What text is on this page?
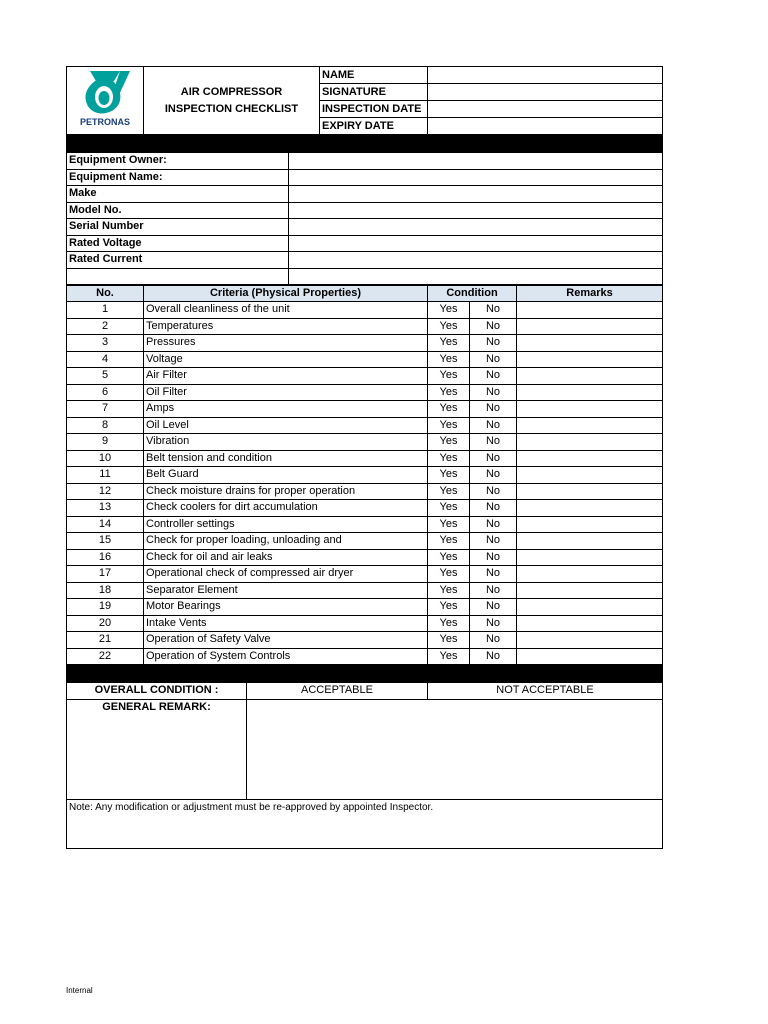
PETRONAS	AIR COMPRESSOR
INSPECTION CHECKLIST	NAME	
		SIGNATURE	
		INSPECTION DATE	
		EXPIRY DATE	

Equipment Owner:	
Equipment Name:	
Make	
Model No.	
Serial Number	
Rated Voltage	
Rated Current	

No.	Criteria (Physical Properties)	Condition		Remarks
1	Overall cleanliness of the unit	Yes	No	
2	Temperatures	Yes	No	
3	Pressures	Yes	No	
4	Voltage	Yes	No	
5	Air Filter	Yes	No	
6	Oil Filter	Yes	No	
7	Amps	Yes	No	
8	Oil Level	Yes	No	
9	Vibration	Yes	No	
10	Belt tension and condition	Yes	No	
11	Belt Guard	Yes	No	
12	Check moisture drains for proper operation	Yes	No	
13	Check coolers for dirt accumulation	Yes	No	
14	Controller settings	Yes	No	
15	Check for proper loading, unloading and	Yes	No	
16	Check for oil and air leaks	Yes	No	
17	Operational check of compressed air dryer	Yes	No	
18	Separator Element	Yes	No	
19	Motor Bearings	Yes	No	
20	Intake Vents	Yes	No	
21	Operation of Safety Valve	Yes	No	
22	Operation of System Controls	Yes	No	

OVERALL CONDITION :	ACCEPTABLE	NOT ACCEPTABLE
GENERAL REMARK:		
Note: Any modification or adjustment must be re-approved by appointed Inspector.		
Internal
